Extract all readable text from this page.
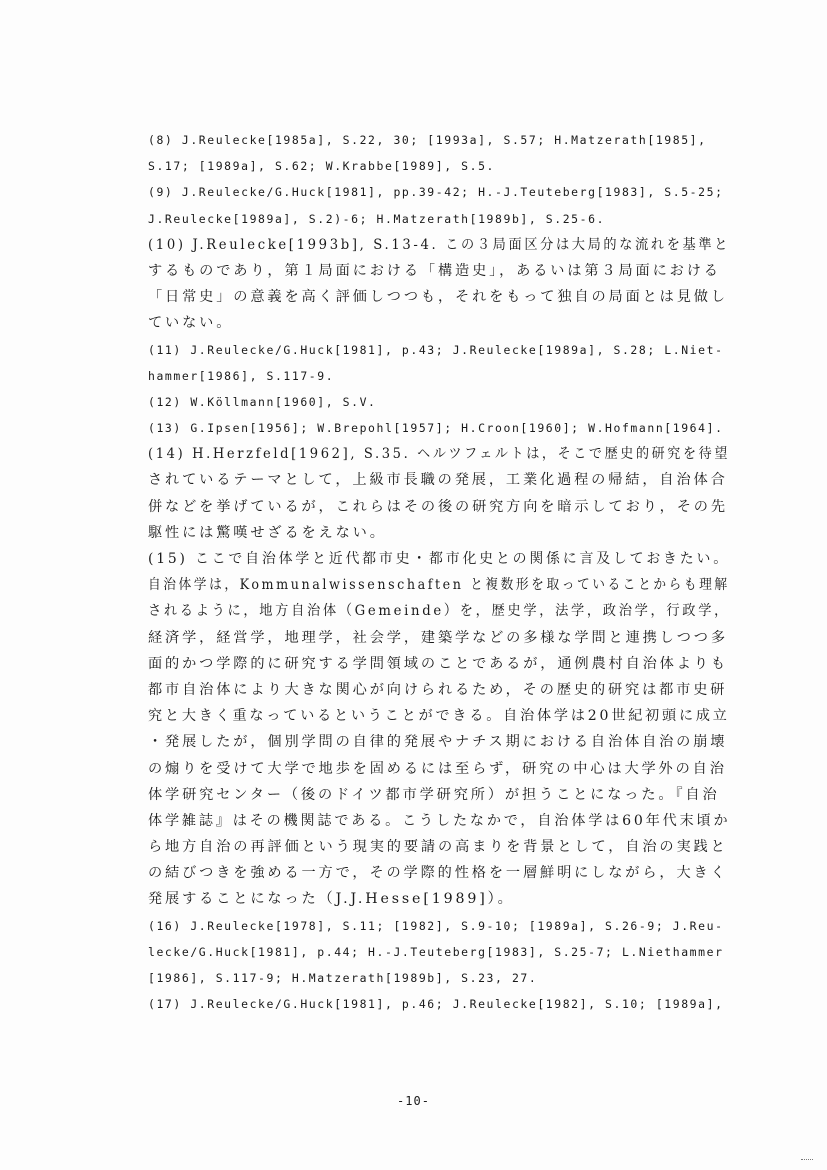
(8) J.Reulecke[1985a], S.22, 30; [1993a], S.57; H.Matzerath[1985],
S.17; [1989a], S.62; W.Krabbe[1989], S.5.
(9) J.Reulecke/G.Huck[1981], pp.39-42; H.-J.Teuteberg[1983], S.5-25;
J.Reulecke[1989a], S.2)-6; H.Matzerath[1989b], S.25-6.
(10) J.Reulecke[1993b], S.13-4. この３局面区分は大局的な流れを基準と
するものであり，第１局面における「構造史」，あるいは第３局面における
「日常史」の意義を高く評価しつつも，それをもって独自の局面とは見做し
ていない。
(11) J.Reulecke/G.Huck[1981], p.43; J.Reulecke[1989a], S.28; L.Niet-
hammer[1986], S.117-9.
(12) W.Köllmann[1960], S.V.
(13) G.Ipsen[1956]; W.Brepohl[1957]; H.Croon[1960]; W.Hofmann[1964].
(14) H.Herzfeld[1962], S.35. ヘルツフェルトは，そこで歴史的研究を待望
されているテーマとして，上級市長職の発展，工業化過程の帰結，自治体合
併などを挙げているが，これらはその後の研究方向を暗示しており，その先
駆性には驚嘆せざるをえない。
(15) ここで自治体学と近代都市史・都市化史との関係に言及しておきたい。
自治体学は，Kommunalwissenschaften と複数形を取っていることからも理解
されるように，地方自治体（Gemeinde）を，歴史学，法学，政治学，行政学，
経済学，経営学，地理学，社会学，建築学などの多様な学問と連携しつつ多
面的かつ学際的に研究する学問領域のことであるが，通例農村自治体よりも
都市自治体により大きな関心が向けられるため，その歴史的研究は都市史研
究と大きく重なっているということができる。自治体学は20世紀初頭に成立
・発展したが，個別学問の自律的発展やナチス期における自治体自治の崩壊
の煽りを受けて大学で地歩を固めるには至らず，研究の中心は大学外の自治
体学研究センター（後のドイツ都市学研究所）が担うことになった。『自治
体学雑誌』はその機関誌である。こうしたなかで，自治体学は60年代末頃か
ら地方自治の再評価という現実的要請の高まりを背景として，自治の実践と
の結びつきを強める一方で，その学際的性格を一層鮮明にしながら，大きく
発展することになった（J.J.Hesse[1989]）。
(16) J.Reulecke[1978], S.11; [1982], S.9-10; [1989a], S.26-9; J.Reu-
lecke/G.Huck[1981], p.44; H.-J.Teuteberg[1983], S.25-7; L.Niethammer
[1986], S.117-9; H.Matzerath[1989b], S.23, 27.
(17) J.Reulecke/G.Huck[1981], p.46; J.Reulecke[1982], S.10; [1989a],
-10-
